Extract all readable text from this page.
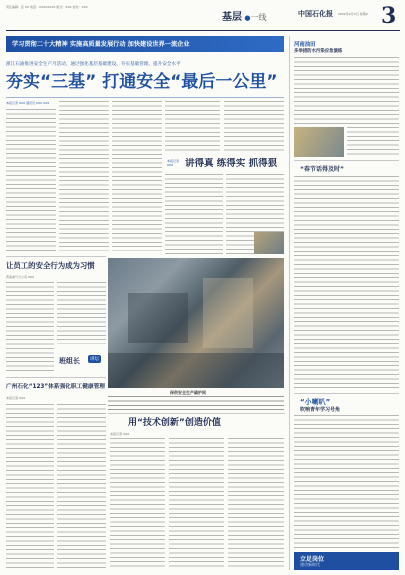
责任编辑：张 XX 电话：XXXXXXXX 版式：XXX 校对：XXX
基层 ●一线	中国石化报 2022年X月X日 星期X 3
学习贯彻二十大精神 实施高质量发展行动 加快建设世界一流企业
浙江石油推进安全生产月活动，通过强化基层基础建设，夯实基础管理、提升安全水平
夯实“三基” 打通安全“最后一公里”
本报记者 XXX 通讯员 XXX XXX
讲得真 练得实 抓得狠
本报记者 XXX
让员工的安全行为成为习惯
西南油气分公司 XXX
班组长	讲坛
保供安全生产确护网
广州石化“123”体系强化职工健康管理
本报记者 XXX
用“技术创新”创造价值
本报记者 XXX
河南油田
多举措防水污染应急演练
“春节话得及时”
“小喇叭”
吹响青年学习号角
立足岗位
建功新时代
